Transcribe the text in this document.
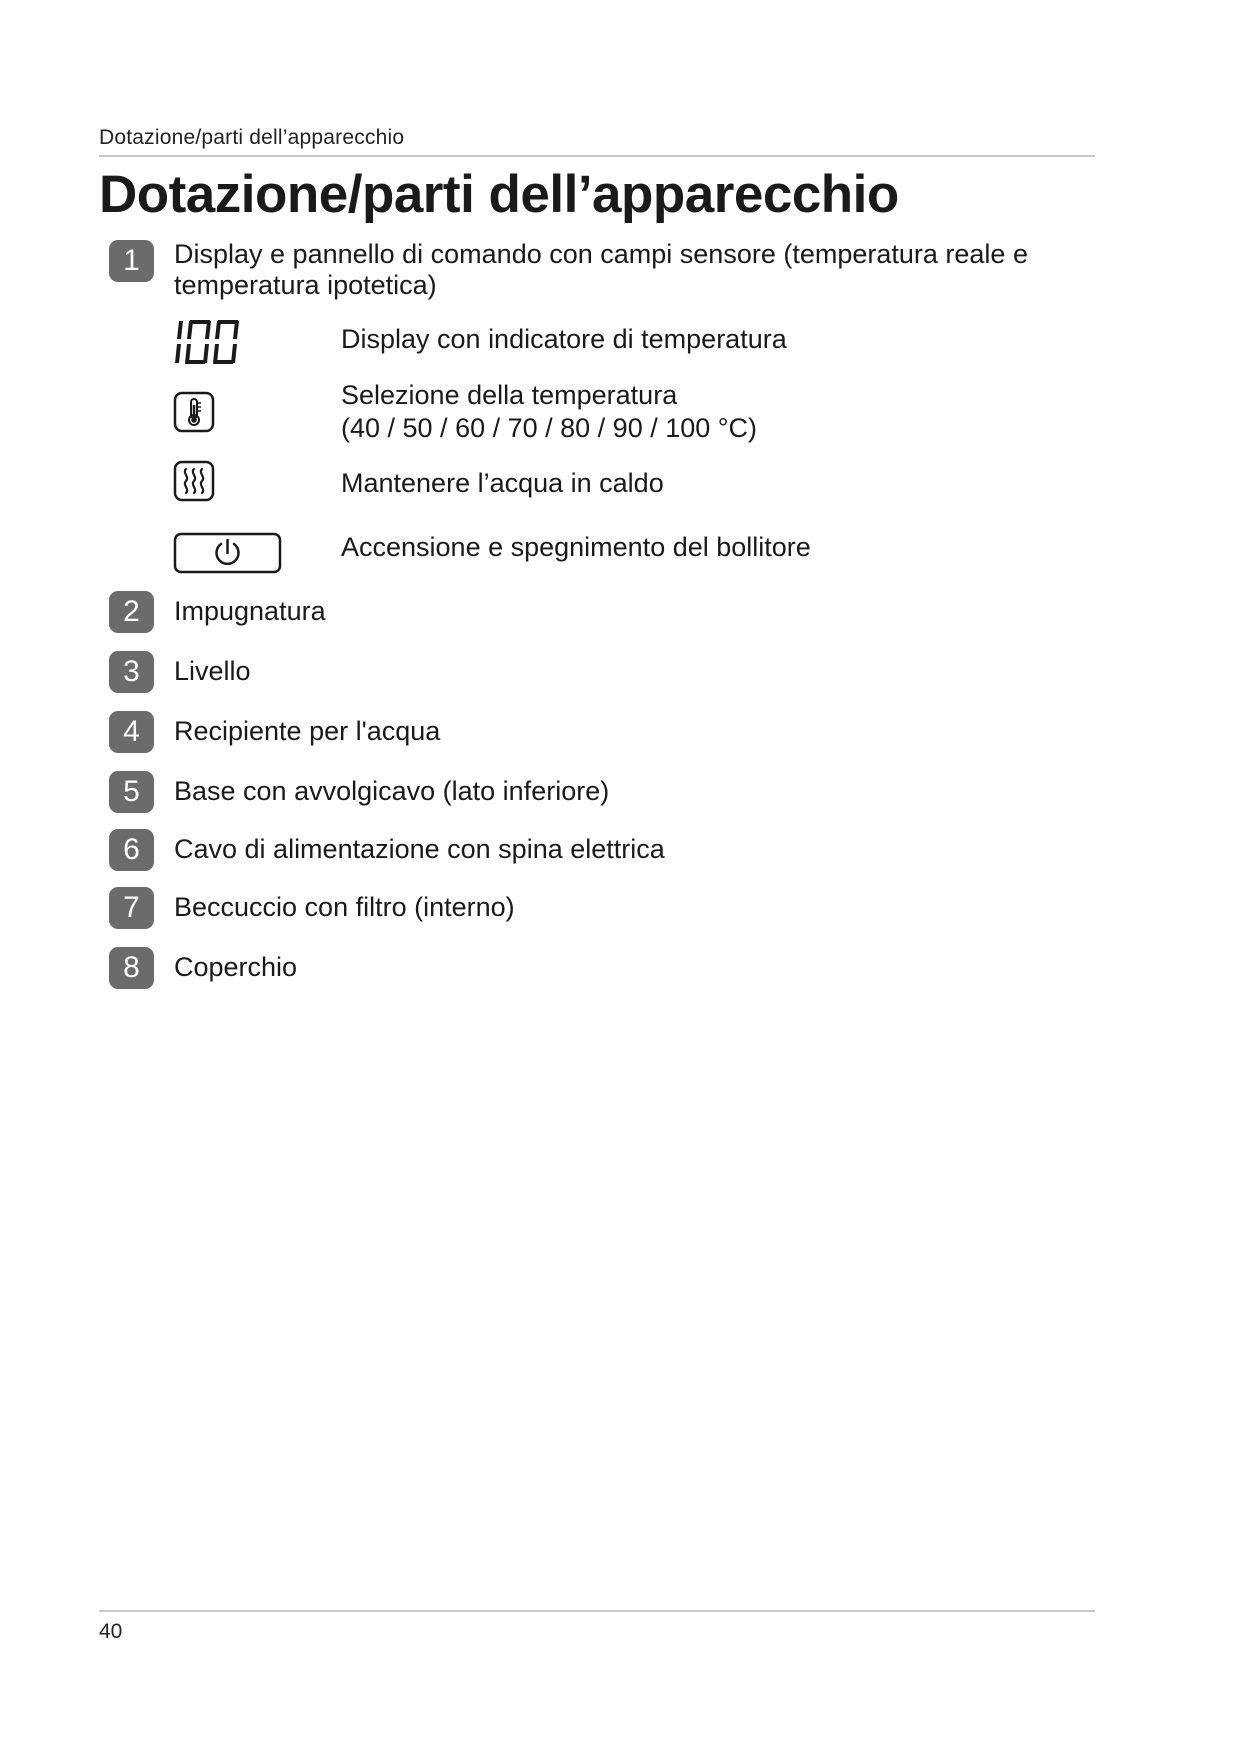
Dotazione/parti dell’apparecchio
Dotazione/parti dell’apparecchio
1	Display e pannello di comando con campi sensore (temperatura reale e
temperatura ipotetica)
Display con indicatore di temperatura
Selezione della temperatura
(40 / 50 / 60 / 70 / 80 / 90 / 100 °C)
Mantenere l’acqua in caldo
Accensione e spegnimento del bollitore
2	Impugnatura
3	Livello
4	Recipiente per l'acqua
5	Base con avvolgicavo (lato inferiore)
6	Cavo di alimentazione con spina elettrica
7	Beccuccio con filtro (interno)
8	Coperchio
40
